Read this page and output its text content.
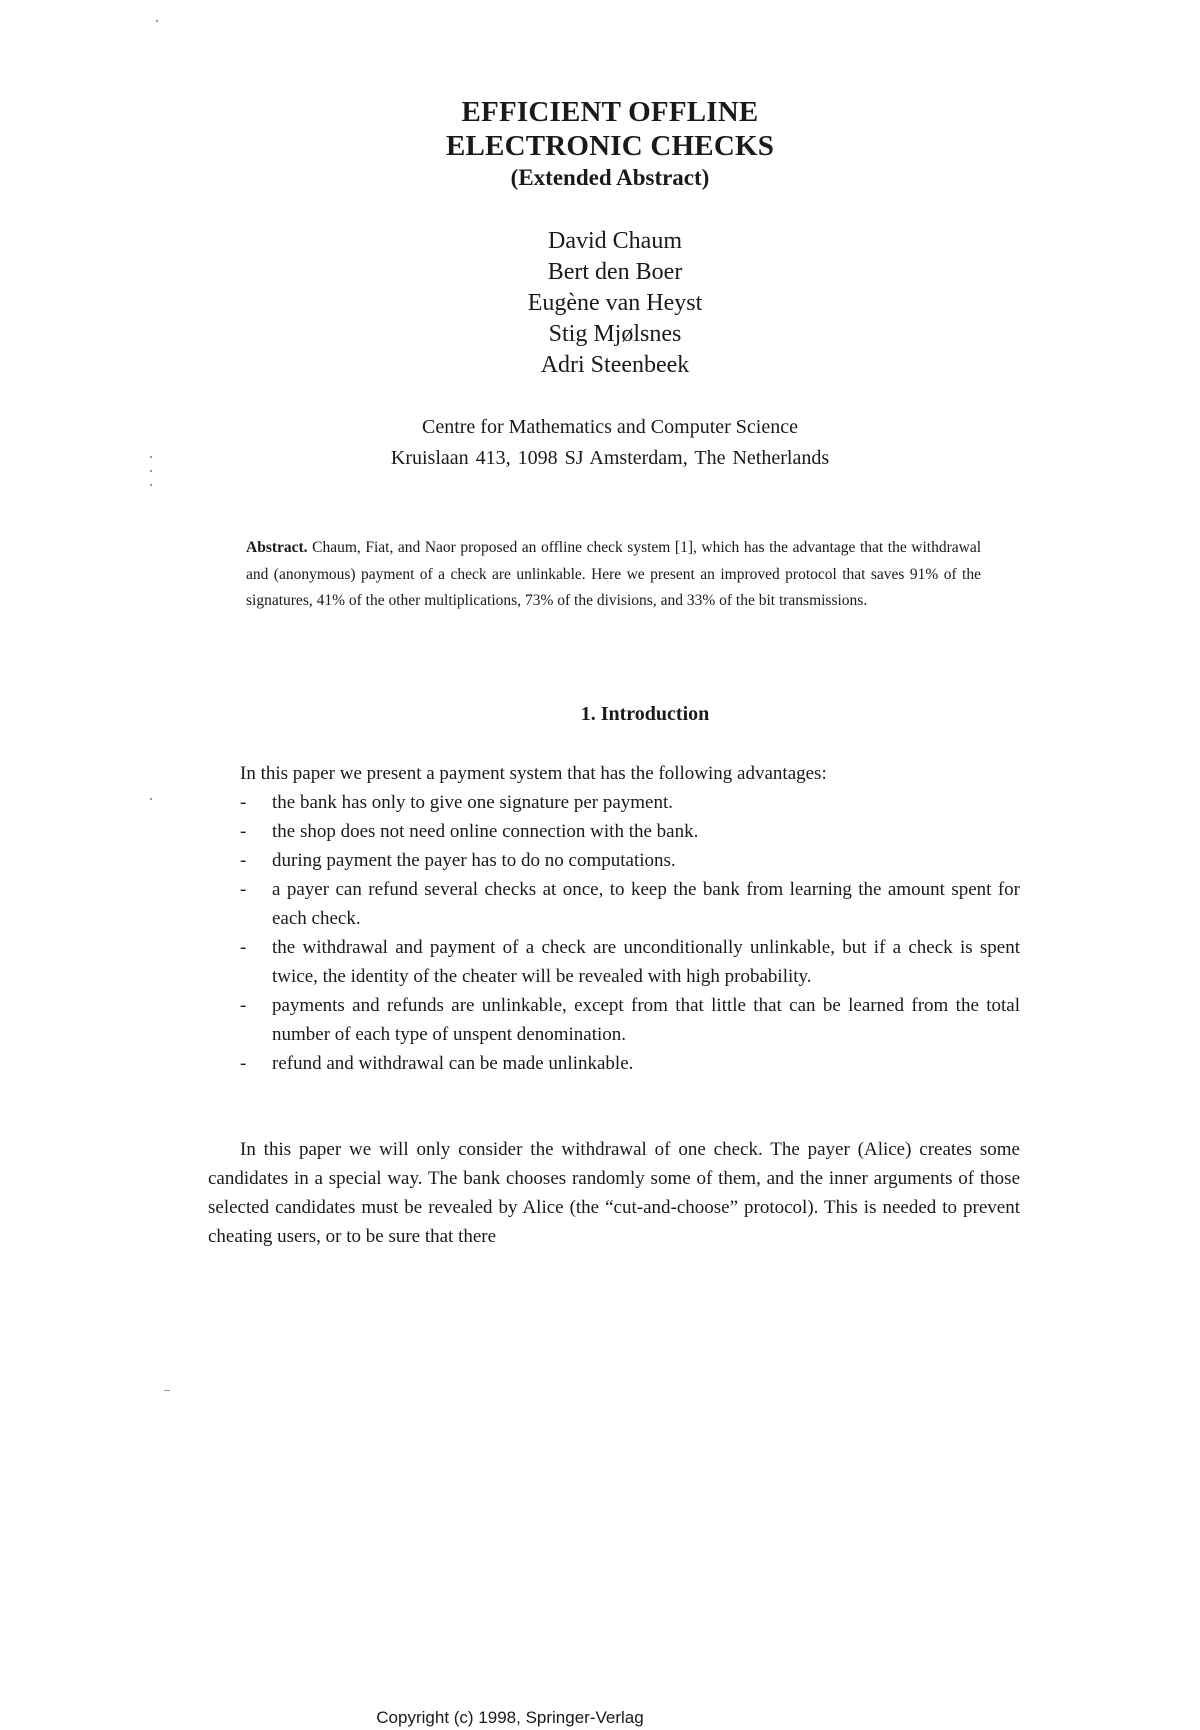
EFFICIENT OFFLINE
ELECTRONIC CHECKS
(Extended Abstract)
David Chaum
Bert den Boer
Eugène van Heyst
Stig Mjølsnes
Adri Steenbeek
Centre for Mathematics and Computer Science
Kruislaan 413, 1098 SJ Amsterdam, The Netherlands

Abstract. Chaum, Fiat, and Naor proposed an offline check system [1], which has the advantage that the withdrawal and (anonymous) payment of a check are unlinkable. Here we present an improved protocol that saves 91% of the signatures, 41% of the other multiplications, 73% of the divisions, and 33% of the bit transmissions.

1. Introduction

In this paper we present a payment system that has the following advantages:

- the bank has only to give one signature per payment.
- the shop does not need online connection with the bank.
- during payment the payer has to do no computations.
- a payer can refund several checks at once, to keep the bank from learning the amount spent for each check.
- the withdrawal and payment of a check are unconditionally unlinkable, but if a check is spent twice, the identity of the cheater will be revealed with high probability.
- payments and refunds are unlinkable, except from that little that can be learned from the total number of each type of unspent denomination.
- refund and withdrawal can be made unlinkable.

In this paper we will only consider the withdrawal of one check. The payer (Alice) creates some candidates in a special way. The bank chooses randomly some of them, and the inner arguments of those selected candidates must be revealed by Alice (the “cut-and-choose” protocol). This is needed to prevent cheating users, or to be sure that there

Copyright (c) 1998, Springer-Verlag
